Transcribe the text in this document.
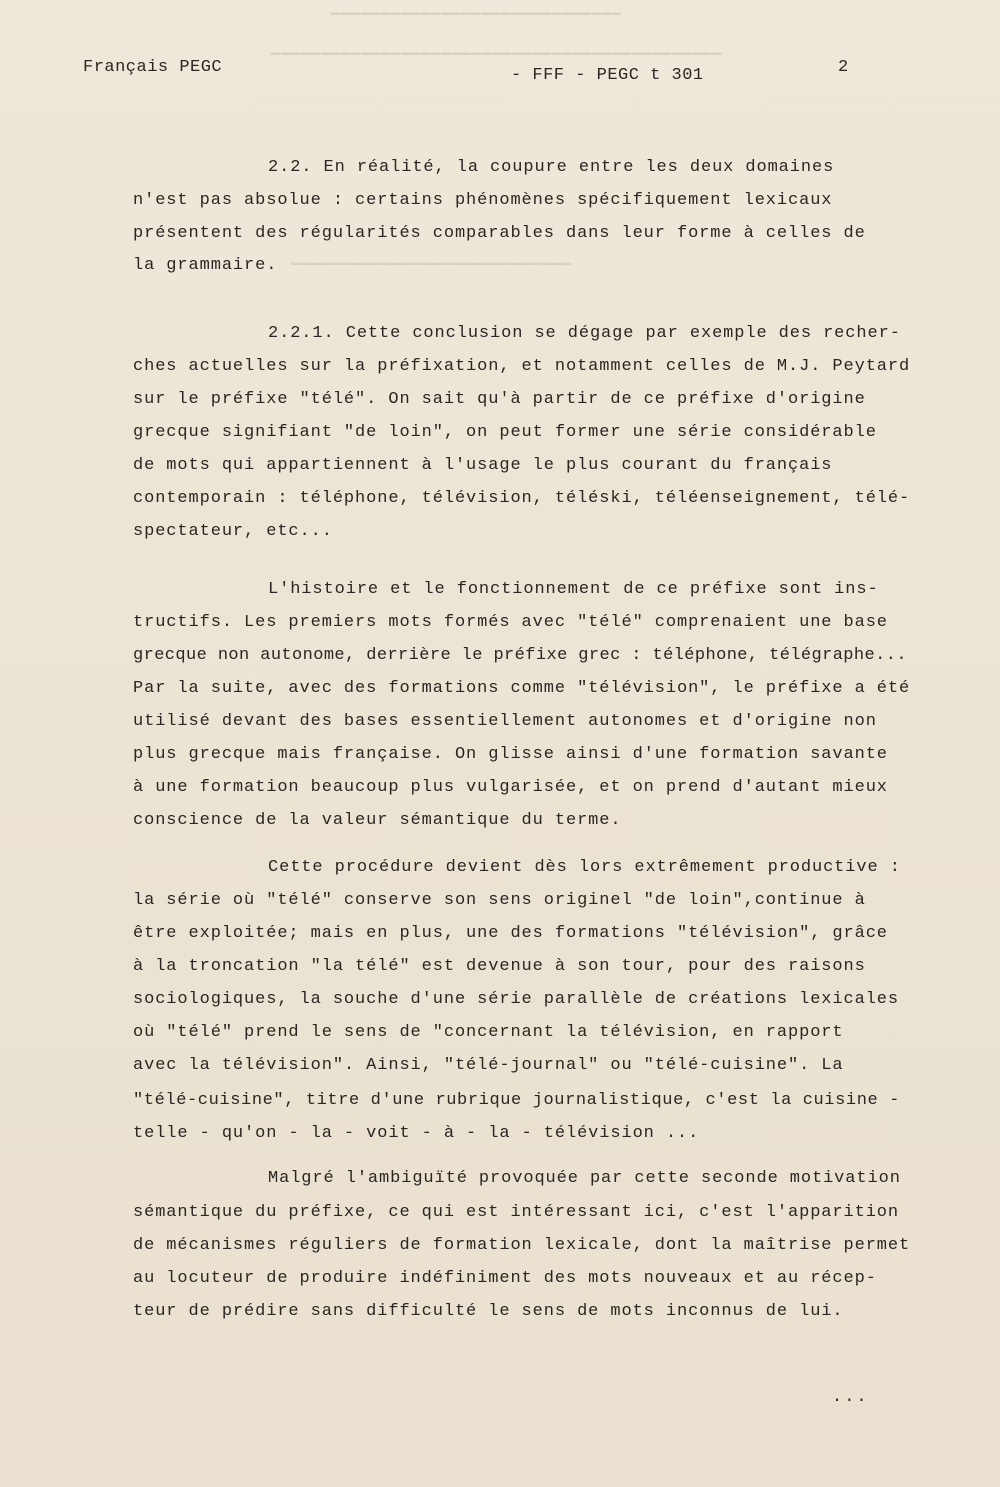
━━━━━━━━━━━━━━━━━━━━━━━━━━━━━
━━━━━━━━━━━━━━━━━━━━━━━━━━━━━━━━━━━━━━━━━━━━━
━━━━━━━━━━━━━━━━━━━━━━━━━━━━
Français PEGC	- FFF - PEGC t 301	2
2.2. En réalité, la coupure entre les deux domaines
n'est pas absolue : certains phénomènes spécifiquement lexicaux
présentent des régularités comparables dans leur forme à celles de
la grammaire.
2.2.1. Cette conclusion se dégage par exemple des recher-
ches actuelles sur la préfixation, et notamment celles de M.J. Peytard
sur le préfixe "télé". On sait qu'à partir de ce préfixe d'origine
grecque signifiant "de loin", on peut former une série considérable
de mots qui appartiennent à l'usage le plus courant du français
contemporain : téléphone, télévision, téléski, téléenseignement, télé-
spectateur, etc...
L'histoire et le fonctionnement de ce préfixe sont ins-
tructifs. Les premiers mots formés avec "télé" comprenaient une base
grecque non autonome, derrière le préfixe grec : téléphone, télégraphe...
Par la suite, avec des formations comme "télévision", le préfixe a été
utilisé devant des bases essentiellement autonomes et d'origine non
plus grecque mais française. On glisse ainsi d'une formation savante
à une formation beaucoup plus vulgarisée, et on prend d'autant mieux
conscience de la valeur sémantique du terme.
Cette procédure devient dès lors extrêmement productive :
la série où "télé" conserve son sens originel "de loin",continue à
être exploitée; mais en plus, une des formations "télévision", grâce
à la troncation "la télé" est devenue à son tour, pour des raisons
sociologiques, la souche d'une série parallèle de créations lexicales
où "télé" prend le sens de "concernant la télévision, en rapport
avec la télévision". Ainsi, "télé-journal" ou "télé-cuisine". La
"télé-cuisine", titre d'une rubrique journalistique, c'est la cuisine -
telle - qu'on - la - voit - à - la - télévision ...
Malgré l'ambiguïté provoquée par cette seconde motivation
sémantique du préfixe, ce qui est intéressant ici, c'est l'apparition
de mécanismes réguliers de formation lexicale, dont la maîtrise permet
au locuteur de produire indéfiniment des mots nouveaux et au récep-
teur de prédire sans difficulté le sens de mots inconnus de lui.
...
